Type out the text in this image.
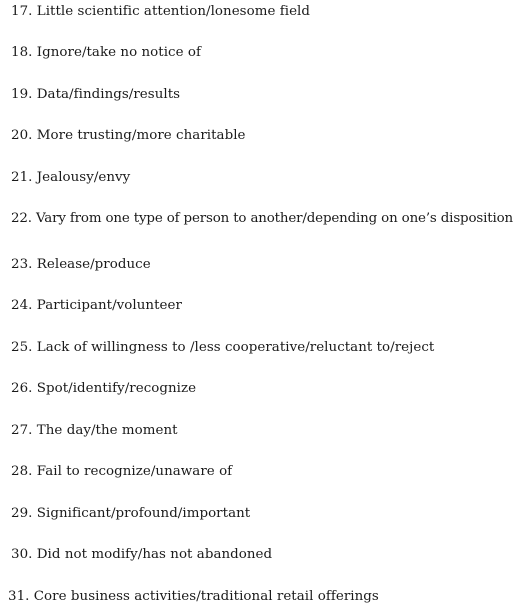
17. Little scientific attention/lonesome field
18. Ignore/take no notice of
19. Data/findings/results
20. More trusting/more charitable
21. Jealousy/envy
22. Vary from one type of person to another/depending on one’s disposition
23. Release/produce
24. Participant/volunteer
25. Lack of willingness to /less cooperative/reluctant to/reject
26. Spot/identify/recognize
27. The day/the moment
28. Fail to recognize/unaware of
29. Significant/profound/important
30. Did not modify/has not abandoned
31. Core business activities/traditional retail offerings
